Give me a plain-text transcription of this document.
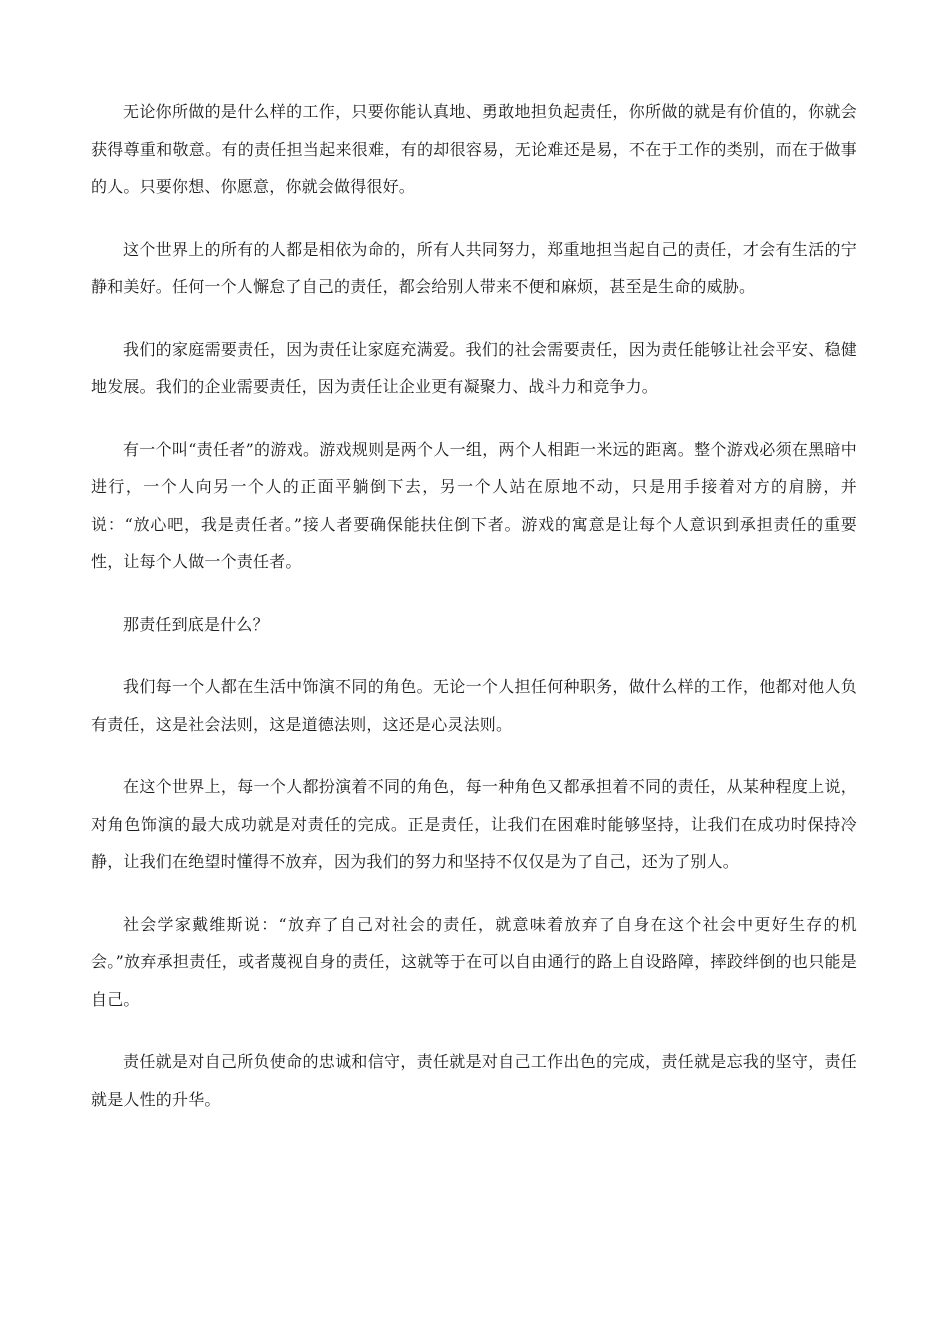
无论你所做的是什么样的工作，只要你能认真地、勇敢地担负起责任，你所做的就是有价值的，你就会获得尊重和敬意。有的责任担当起来很难，有的却很容易，无论难还是易，不在于工作的类别，而在于做事的人。只要你想、你愿意，你就会做得很好。

这个世界上的所有的人都是相依为命的，所有人共同努力，郑重地担当起自己的责任，才会有生活的宁静和美好。任何一个人懈怠了自己的责任，都会给别人带来不便和麻烦，甚至是生命的威胁。

我们的家庭需要责任，因为责任让家庭充满爱。我们的社会需要责任，因为责任能够让社会平安、稳健地发展。我们的企业需要责任，因为责任让企业更有凝聚力、战斗力和竞争力。

有一个叫“责任者”的游戏。游戏规则是两个人一组，两个人相距一米远的距离。整个游戏必须在黑暗中进行，一个人向另一个人的正面平躺倒下去，另一个人站在原地不动，只是用手接着对方的肩膀，并说：“放心吧，我是责任者。”接人者要确保能扶住倒下者。游戏的寓意是让每个人意识到承担责任的重要性，让每个人做一个责任者。

那责任到底是什么？

我们每一个人都在生活中饰演不同的角色。无论一个人担任何种职务，做什么样的工作，他都对他人负有责任，这是社会法则，这是道德法则，这还是心灵法则。

在这个世界上，每一个人都扮演着不同的角色，每一种角色又都承担着不同的责任，从某种程度上说，对角色饰演的最大成功就是对责任的完成。正是责任，让我们在困难时能够坚持，让我们在成功时保持冷静，让我们在绝望时懂得不放弃，因为我们的努力和坚持不仅仅是为了自己，还为了别人。

社会学家戴维斯说：“放弃了自己对社会的责任，就意味着放弃了自身在这个社会中更好生存的机会。”放弃承担责任，或者蔑视自身的责任，这就等于在可以自由通行的路上自设路障，摔跤绊倒的也只能是自己。

责任就是对自己所负使命的忠诚和信守，责任就是对自己工作出色的完成，责任就是忘我的坚守，责任就是人性的升华。
